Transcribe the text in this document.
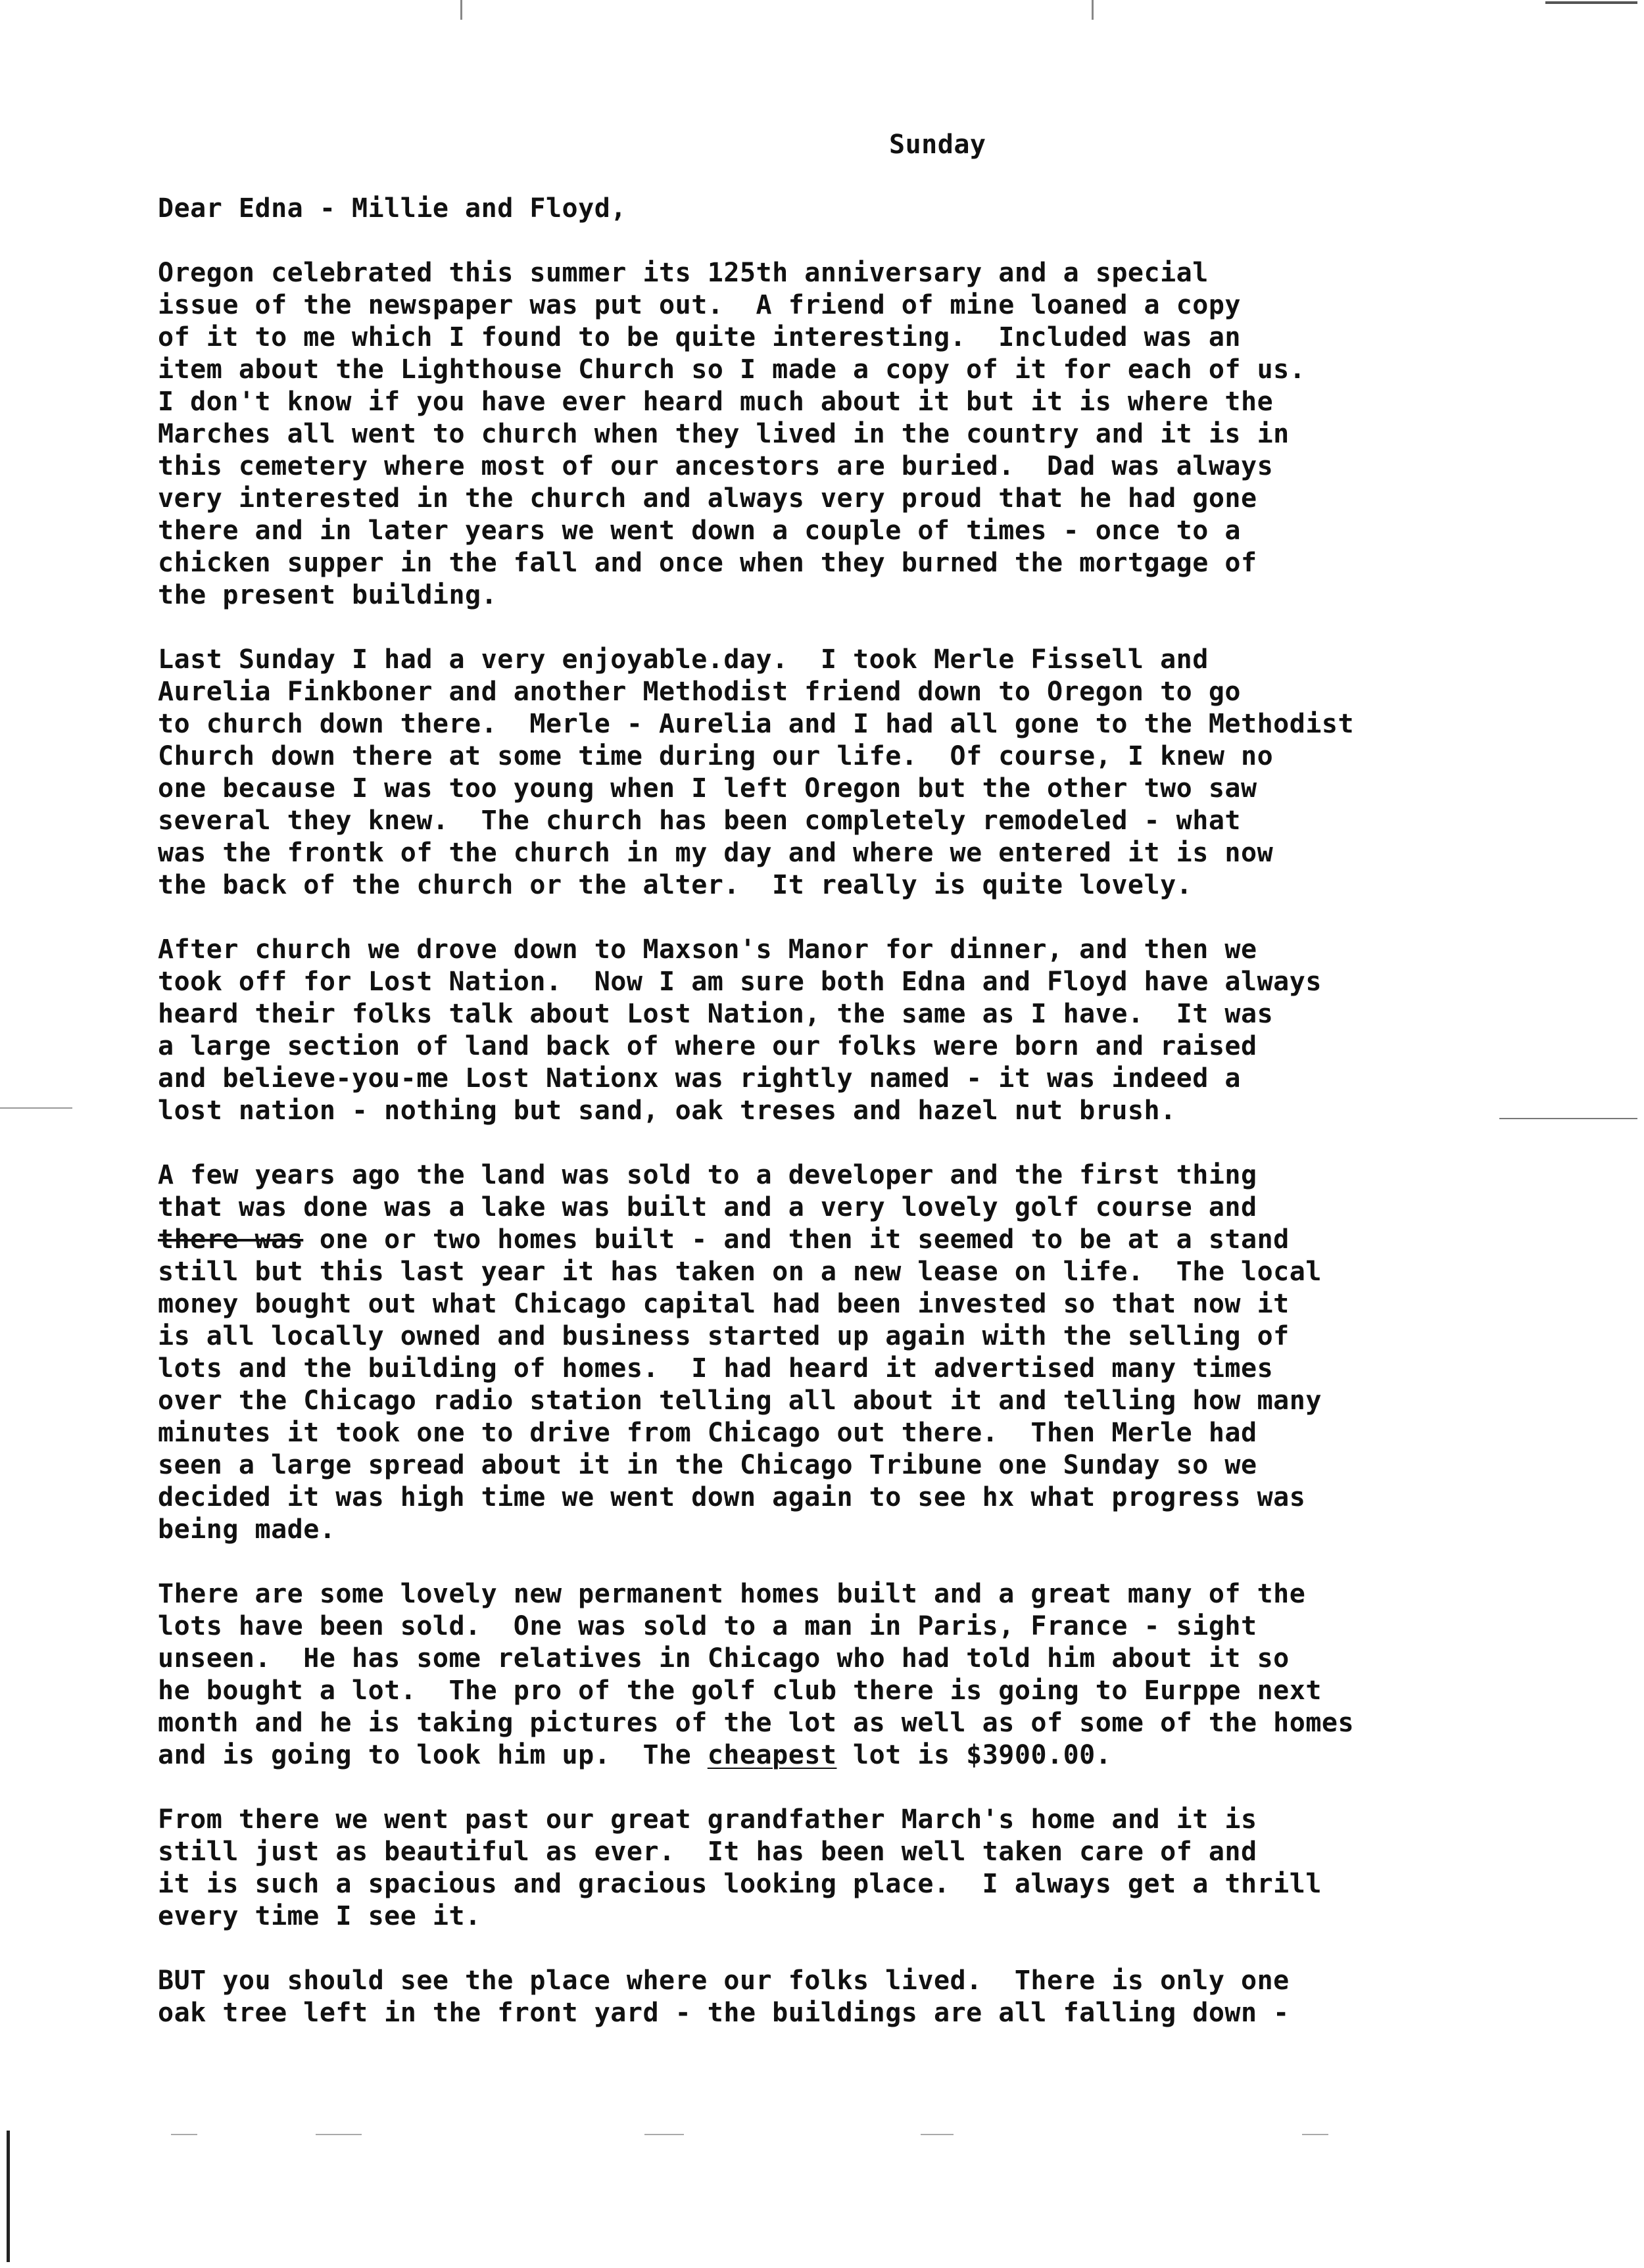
Sunday
Dear Edna - Millie and Floyd,
Oregon celebrated this summer its 125th anniversary and a special
issue of the newspaper was put out.  A friend of mine loaned a copy
of it to me which I found to be quite interesting.  Included was an
item about the Lighthouse Church so I made a copy of it for each of us.
I don't know if you have ever heard much about it but it is where the
Marches all went to church when they lived in the country and it is in
this cemetery where most of our ancestors are buried.  Dad was always
very interested in the church and always very proud that he had gone
there and in later years we went down a couple of times - once to a
chicken supper in the fall and once when they burned the mortgage of
the present building.
Last Sunday I had a very enjoyable.day.  I took Merle Fissell and
Aurelia Finkboner and another Methodist friend down to Oregon to go
to church down there.  Merle - Aurelia and I had all gone to the Methodist
Church down there at some time during our life.  Of course, I knew no
one because I was too young when I left Oregon but the other two saw
several they knew.  The church has been completely remodeled - what
was the frontk of the church in my day and where we entered it is now
the back of the church or the alter.  It really is quite lovely.
After church we drove down to Maxson's Manor for dinner, and then we
took off for Lost Nation.  Now I am sure both Edna and Floyd have always
heard their folks talk about Lost Nation, the same as I have.  It was
a large section of land back of where our folks were born and raised
and believe-you-me Lost Nationx was rightly named - it was indeed a
lost nation - nothing but sand, oak treses and hazel nut brush.
A few years ago the land was sold to a developer and the first thing
that was done was a lake was built and a very lovely golf course and
there was one or two homes built - and then it seemed to be at a stand
still but this last year it has taken on a new lease on life.  The local
money bought out what Chicago capital had been invested so that now it
is all locally owned and business started up again with the selling of
lots and the building of homes.  I had heard it advertised many times
over the Chicago radio station telling all about it and telling how many
minutes it took one to drive from Chicago out there.  Then Merle had
seen a large spread about it in the Chicago Tribune one Sunday so we
decided it was high time we went down again to see hx what progress was
being made.
There are some lovely new permanent homes built and a great many of the
lots have been sold.  One was sold to a man in Paris, France - sight
unseen.  He has some relatives in Chicago who had told him about it so
he bought a lot.  The pro of the golf club there is going to Eurppe next
month and he is taking pictures of the lot as well as of some of the homes
and is going to look him up.  The cheapest lot is $3900.00.
From there we went past our great grandfather March's home and it is
still just as beautiful as ever.  It has been well taken care of and
it is such a spacious and gracious looking place.  I always get a thrill
every time I see it.
BUT you should see the place where our folks lived.  There is only one
oak tree left in the front yard - the buildings are all falling down -
